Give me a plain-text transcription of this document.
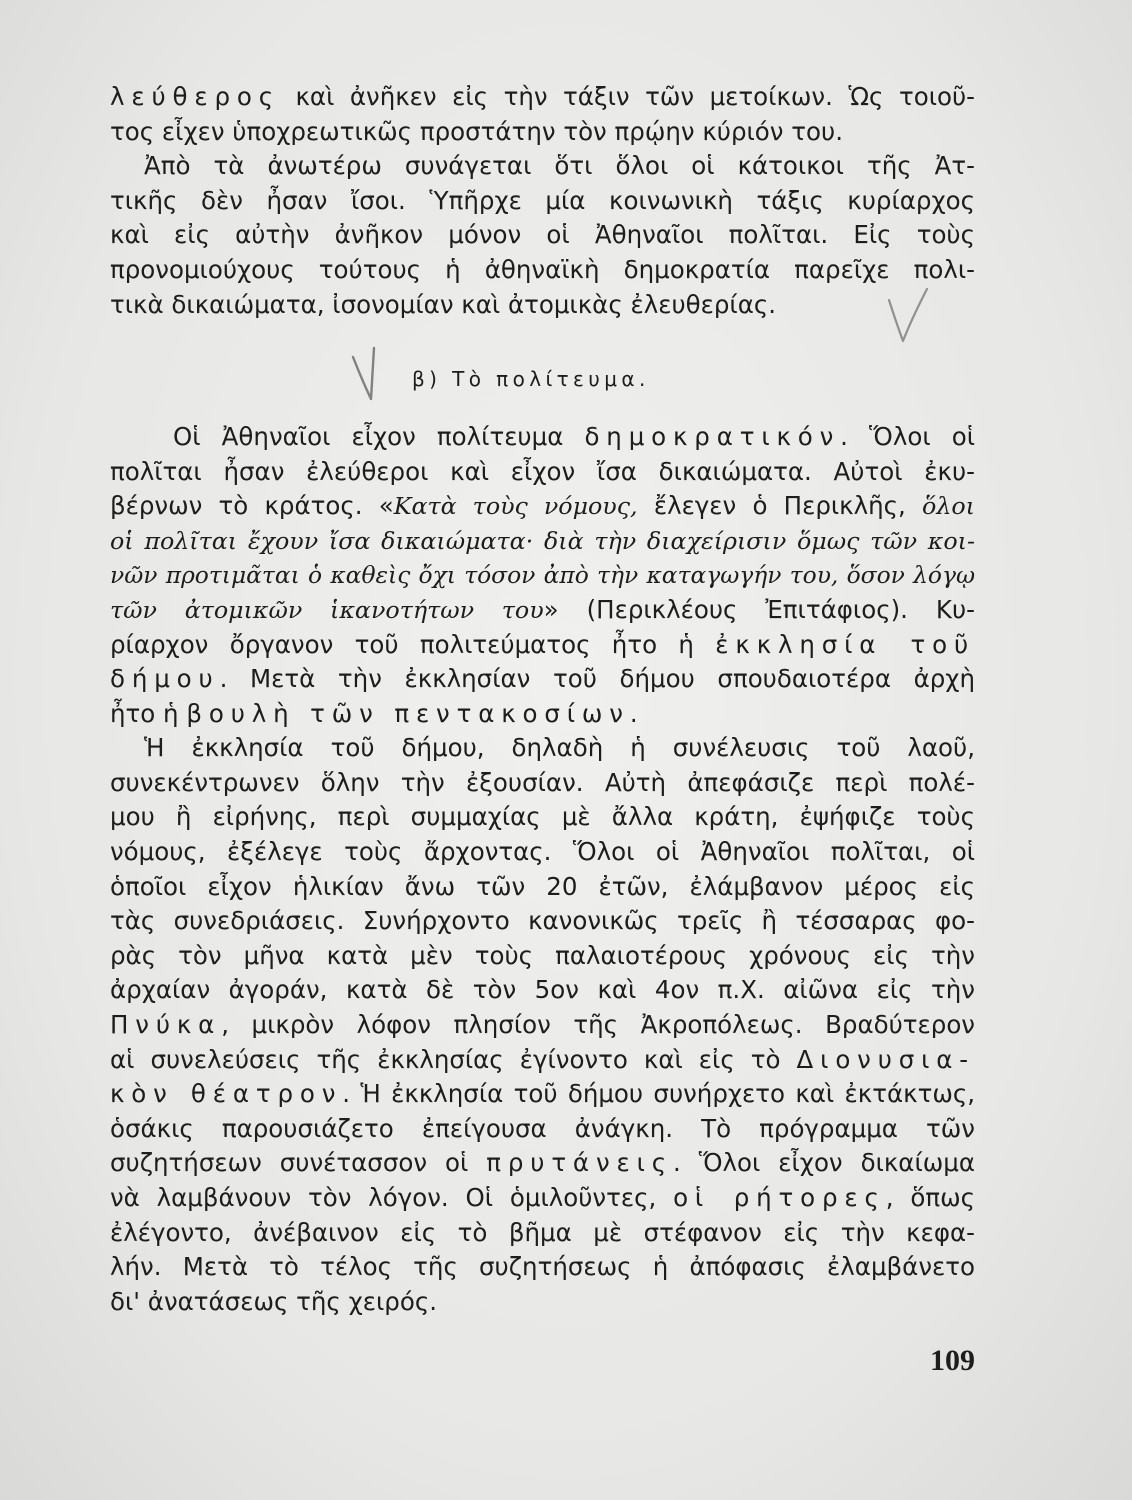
λεύθερος καὶ ἀνῆκεν εἰς τὴν τάξιν τῶν μετοίκων. Ὡς τοιοῦ-
τος εἶχεν ὑποχρεωτικῶς προστάτην τὸν πρῴην κύριόν του.
Ἀπὸ τὰ ἀνωτέρω συνάγεται ὅτι ὅλοι οἱ κάτοικοι τῆς Ἀτ-
τικῆς δὲν ἦσαν ἴσοι. Ὑπῆρχε μία κοινωνικὴ τάξις κυρίαρχος
καὶ εἰς αὐτὴν ἀνῆκον μόνον οἱ Ἀθηναῖοι πολῖται. Εἰς τοὺς
προνομιούχους τούτους ἡ ἀθηναϊκὴ δημοκρατία παρεῖχε πολι-
τικὰ δικαιώματα, ἰσονομίαν καὶ ἀτομικὰς ἐλευθερίας.
β) Τὸ πολίτευμα.
Οἱ Ἀθηναῖοι εἶχον πολίτευμα δημοκρατικόν. Ὅλοι οἱ
πολῖται ἦσαν ἐλεύθεροι καὶ εἶχον ἴσα δικαιώματα. Αὐτοὶ ἐκυ-
βέρνων τὸ κράτος. «Κατὰ τοὺς νόμους, ἔλεγεν ὁ Περικλῆς, ὅλοι
οἱ πολῖται ἔχουν ἴσα δικαιώματα· διὰ τὴν διαχείρισιν ὅμως τῶν κοι-
νῶν προτιμᾶται ὁ καθεὶς ὄχι τόσον ἀπὸ τὴν καταγωγήν του, ὅσον λόγῳ
τῶν ἀτομικῶν ἱκανοτήτων του» (Περικλέους Ἐπιτάφιος). Κυ-
ρίαρχον ὄργανον τοῦ πολιτεύματος ἦτο ἡ ἐκκλησία τοῦ
δήμου. Μετὰ τὴν ἐκκλησίαν τοῦ δήμου σπουδαιοτέρα ἀρχὴ
ἦτο ἡ βουλὴ τῶν πεντακοσίων.
Ἡ ἐκκλησία τοῦ δήμου, δηλαδὴ ἡ συνέλευσις τοῦ λαοῦ,
συνεκέντρωνεν ὅλην τὴν ἐξουσίαν. Αὐτὴ ἀπεφάσιζε περὶ πολέ-
μου ἢ εἰρήνης, περὶ συμμαχίας μὲ ἄλλα κράτη, ἐψήφιζε τοὺς
νόμους, ἐξέλεγε τοὺς ἄρχοντας. Ὅλοι οἱ Ἀθηναῖοι πολῖται, οἱ
ὁποῖοι εἶχον ἡλικίαν ἄνω τῶν 20 ἐτῶν, ἐλάμβανον μέρος εἰς
τὰς συνεδριάσεις. Συνήρχοντο κανονικῶς τρεῖς ἢ τέσσαρας φο-
ρὰς τὸν μῆνα κατὰ μὲν τοὺς παλαιοτέρους χρόνους εἰς τὴν
ἀρχαίαν ἀγοράν, κατὰ δὲ τὸν 5ον καὶ 4ον π.Χ. αἰῶνα εἰς τὴν
Πνύκα, μικρὸν λόφον πλησίον τῆς Ἀκροπόλεως. Βραδύτερον
αἱ συνελεύσεις τῆς ἐκκλησίας ἐγίνοντο καὶ εἰς τὸ Διονυσια-
κὸν θέατρον. Ἡ ἐκκλησία τοῦ δήμου συνήρχετο καὶ ἐκτάκτως,
ὁσάκις παρουσιάζετο ἐπείγουσα ἀνάγκη. Τὸ πρόγραμμα τῶν
συζητήσεων συνέτασσον οἱ πρυτάνεις. Ὅλοι εἶχον δικαίωμα
νὰ λαμβάνουν τὸν λόγον. Οἱ ὁμιλοῦντες, οἱ ρήτορες, ὅπως
ἐλέγοντο, ἀνέβαινον εἰς τὸ βῆμα μὲ στέφανον εἰς τὴν κεφα-
λήν. Μετὰ τὸ τέλος τῆς συζητήσεως ἡ ἀπόφασις ἐλαμβάνετο
δι' ἀνατάσεως τῆς χειρός.
109
